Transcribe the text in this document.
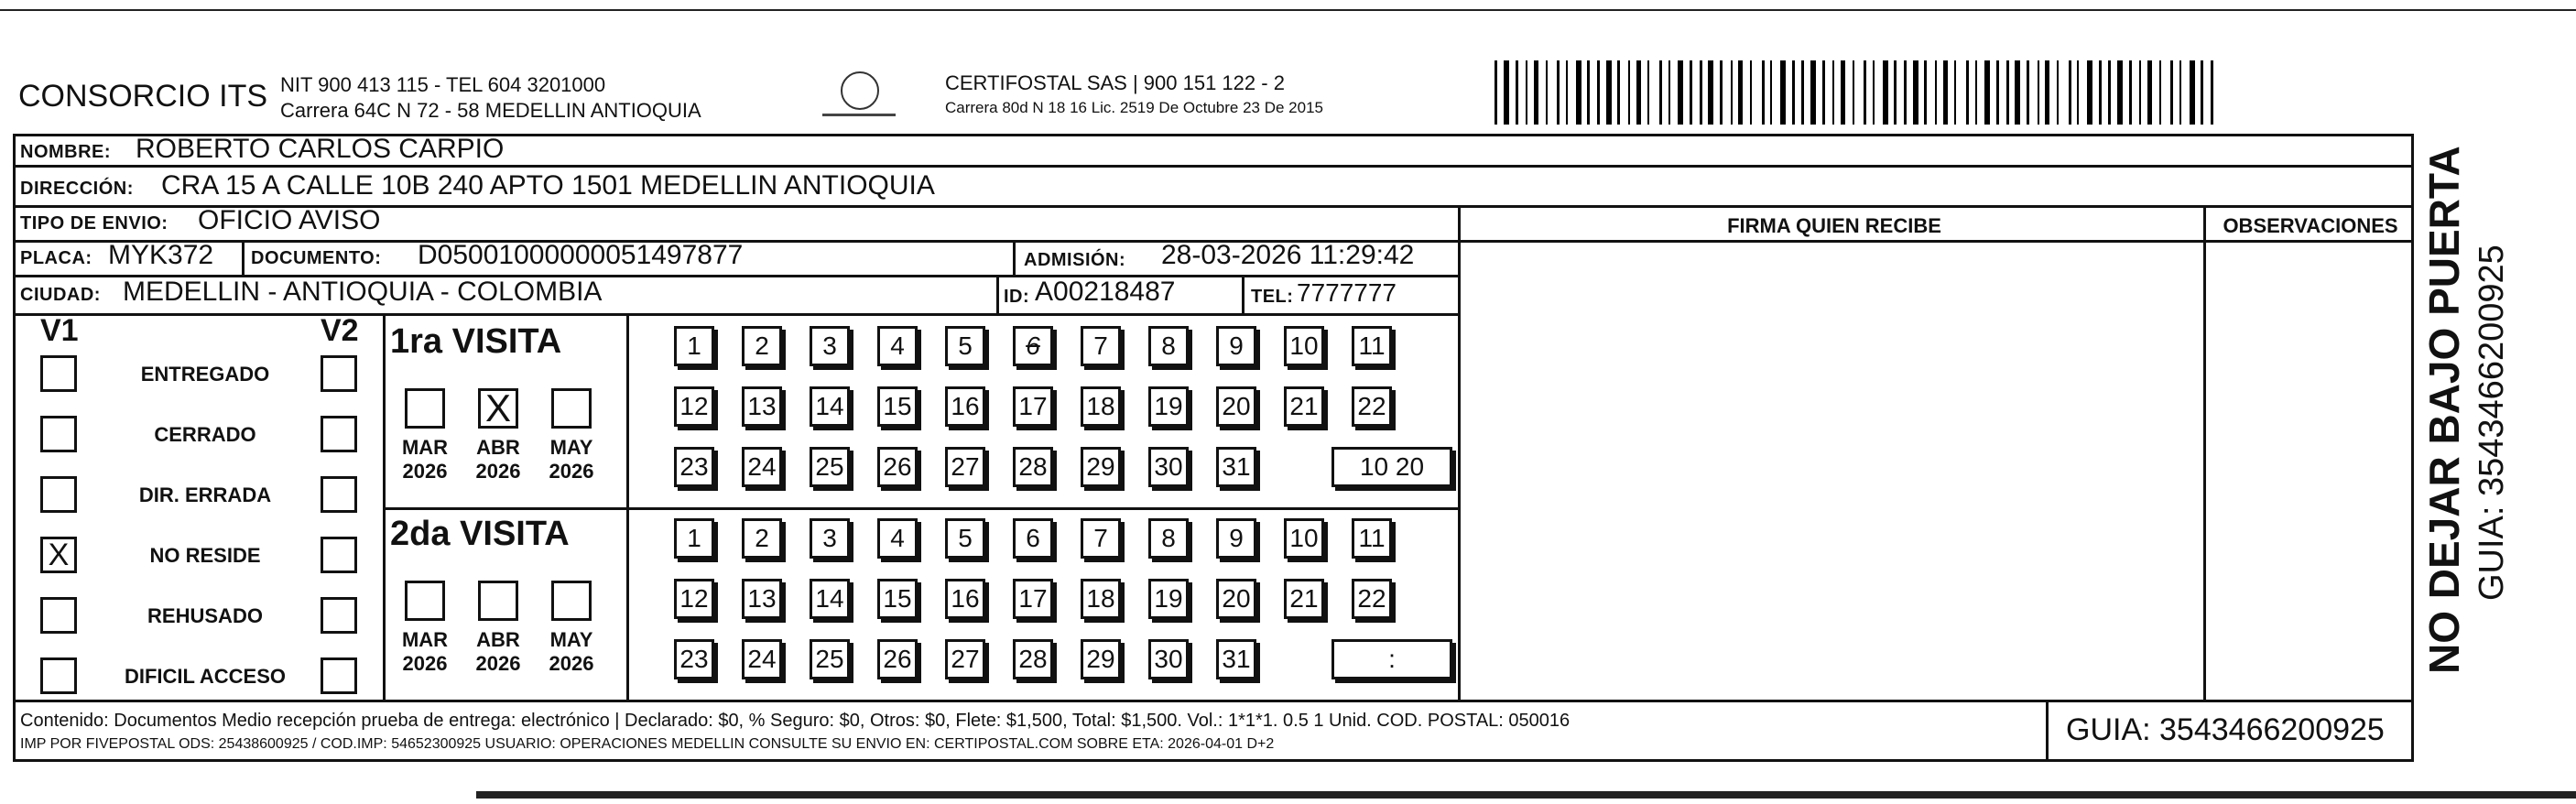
CONSORCIO ITS NIT 900 413 115 - TEL 604 3201000
Carrera 64C N 72 - 58 MEDELLIN ANTIOQUIA
CERTIFOSTAL SAS | 900 151 122 - 2
Carrera 80d N 18 16 Lic. 2519 De Octubre 23 De 2015
NOMBRE: ROBERTO CARLOS CARPIO
DIRECCIÓN: CRA 15 A CALLE 10B 240 APTO 1501 MEDELLIN ANTIOQUIA
TIPO DE ENVIO: OFICIO AVISO	FIRMA QUIEN RECIBE	OBSERVACIONES
PLACA: MYK372 DOCUMENTO: D05001000000051497877	ADMISIÓN: 28-03-2026 11:29:42
CIUDAD: MEDELLIN - ANTIOQUIA - COLOMBIA	ID: A00218487	TEL: 7777777
V1	V2
ENTREGADO
CERRADO
DIR. ERRADA
X	NO RESIDE
REHUSADO
DIFICIL ACCESO
1ra VISITA
MAR
2026
X
ABR
2026
MAY
2026
1	2	3	4	5	6	7	8	9	10 11
12 13 14 15 16 17 18 19 20 21 22
23 24 25 26 27 28 29 30 31	10 20
2da VISITA
MAR
2026
ABR
2026
MAY
2026
1	2	3	4	5	6	7	8	9	10 11
12 13 14 15 16 17 18 19 20 21 22
23 24 25 26 27 28 29 30 31	:
Contenido: Documentos Medio recepción prueba de entrega: electrónico | Declarado: $0, % Seguro: $0, Otros: $0, Flete: $1,500, Total: $1,500. Vol.: 1*1*1. 0.5 1 Unid. COD. POSTAL: 050016
IMP POR FIVEPOSTAL ODS: 25438600925 / COD.IMP: 54652300925 USUARIO: OPERACIONES MEDELLIN CONSULTE SU ENVIO EN: CERTIPOSTAL.COM SOBRE ETA: 2026-04-01 D+2	GUIA: 3543466200925
NO DEJAR BAJO PUERTA GUIA: 3543466200925
